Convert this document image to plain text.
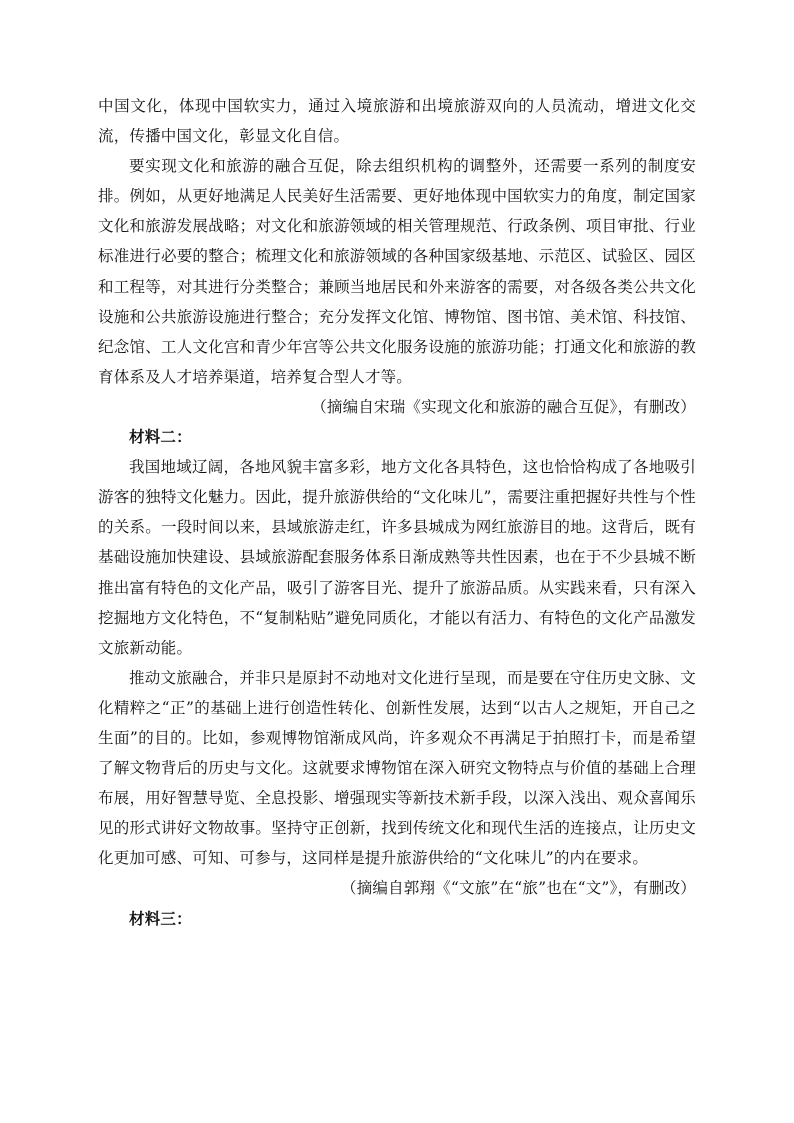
中国文化，体现中国软实力，通过入境旅游和出境旅游双向的人员流动，增进文化交流，传播中国文化，彰显文化自信。

要实现文化和旅游的融合互促，除去组织机构的调整外，还需要一系列的制度安排。例如，从更好地满足人民美好生活需要、更好地体现中国软实力的角度，制定国家文化和旅游发展战略；对文化和旅游领域的相关管理规范、行政条例、项目审批、行业标准进行必要的整合；梳理文化和旅游领域的各种国家级基地、示范区、试验区、园区和工程等，对其进行分类整合；兼顾当地居民和外来游客的需要，对各级各类公共文化设施和公共旅游设施进行整合；充分发挥文化馆、博物馆、图书馆、美术馆、科技馆、纪念馆、工人文化宫和青少年宫等公共文化服务设施的旅游功能；打通文化和旅游的教育体系及人才培养渠道，培养复合型人才等。

（摘编自宋瑞《实现文化和旅游的融合互促》，有删改）

材料二：

我国地域辽阔，各地风貌丰富多彩，地方文化各具特色，这也恰恰构成了各地吸引游客的独特文化魅力。因此，提升旅游供给的“文化味儿”，需要注重把握好共性与个性的关系。一段时间以来，县域旅游走红，许多县城成为网红旅游目的地。这背后，既有基础设施加快建设、县域旅游配套服务体系日渐成熟等共性因素，也在于不少县城不断推出富有特色的文化产品，吸引了游客目光、提升了旅游品质。从实践来看，只有深入挖掘地方文化特色，不“复制粘贴”避免同质化，才能以有活力、有特色的文化产品激发文旅新动能。

推动文旅融合，并非只是原封不动地对文化进行呈现，而是要在守住历史文脉、文化精粹之“正”的基础上进行创造性转化、创新性发展，达到“以古人之规矩，开自己之生面”的目的。比如，参观博物馆渐成风尚，许多观众不再满足于拍照打卡，而是希望了解文物背后的历史与文化。这就要求博物馆在深入研究文物特点与价值的基础上合理布展，用好智慧导览、全息投影、增强现实等新技术新手段，以深入浅出、观众喜闻乐见的形式讲好文物故事。坚持守正创新，找到传统文化和现代生活的连接点，让历史文化更加可感、可知、可参与，这同样是提升旅游供给的“文化味儿”的内在要求。

（摘编自郭翔《“文旅”在“旅”也在“文”》，有删改）

材料三：
